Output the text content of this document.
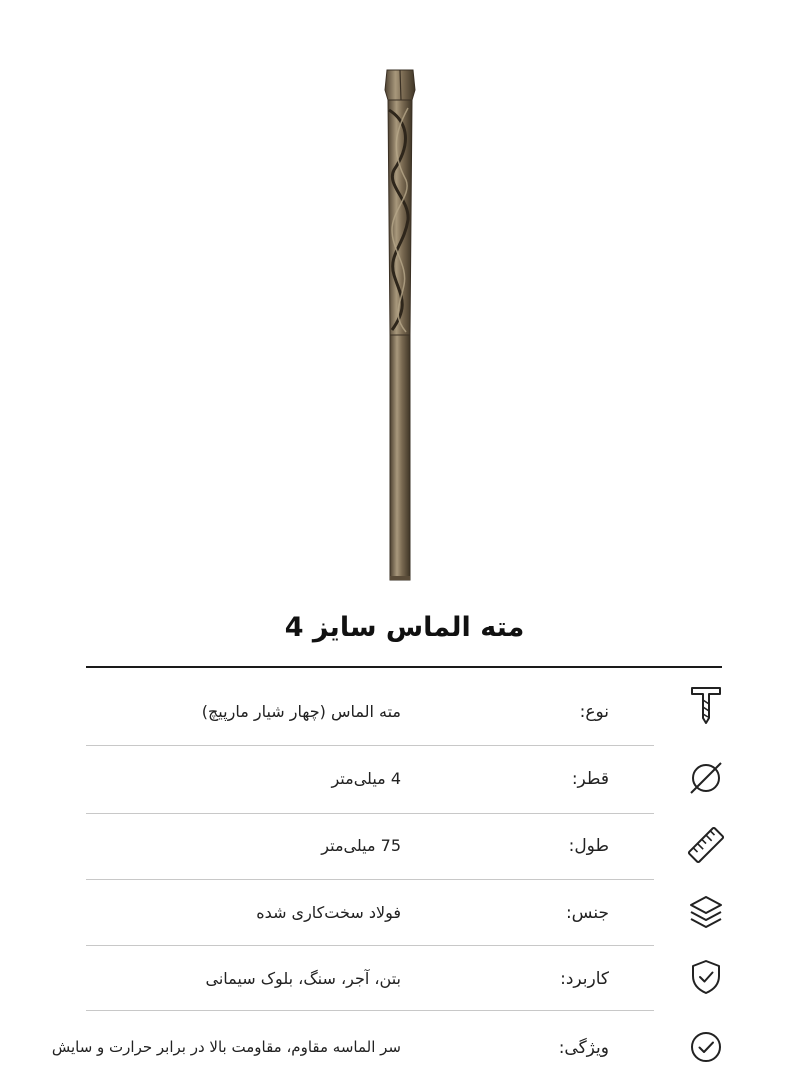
مته الماس سایز 4
نوع:
مته الماس (چهار شیار مارپیچ)
قطر:
4 میلی‌متر
طول:
75 میلی‌متر
جنس:
فولاد سخت‌کاری شده
کاربرد:
بتن، آجر، سنگ، بلوک سیمانی
ویژگی:
سر الماسه مقاوم، مقاومت بالا در برابر حرارت و سایش
